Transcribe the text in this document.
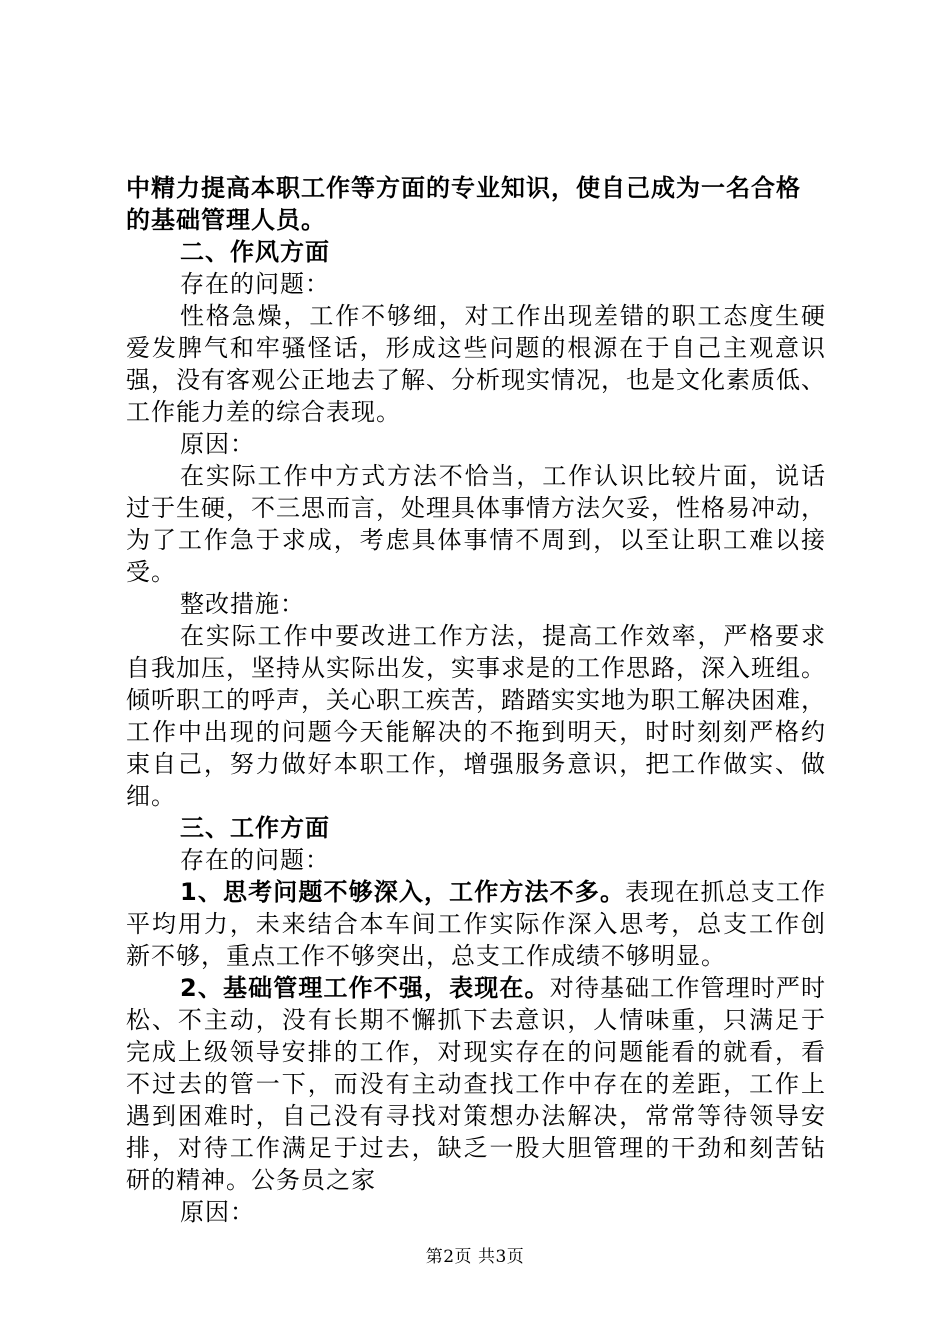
中精力提高本职工作等方面的专业知识，使自己成为一名合格
的基础管理人员。
二、作风方面
存在的问题：
性格急燥，工作不够细，对工作出现差错的职工态度生硬
爱发脾气和牢骚怪话，形成这些问题的根源在于自己主观意识
强，没有客观公正地去了解、分析现实情况，也是文化素质低、
工作能力差的综合表现。
原因：
在实际工作中方式方法不恰当，工作认识比较片面，说话
过于生硬，不三思而言，处理具体事情方法欠妥，性格易冲动，
为了工作急于求成，考虑具体事情不周到，以至让职工难以接
受。
整改措施：
在实际工作中要改进工作方法，提高工作效率，严格要求
自我加压，坚持从实际出发，实事求是的工作思路，深入班组。
倾听职工的呼声，关心职工疾苦，踏踏实实地为职工解决困难，
工作中出现的问题今天能解决的不拖到明天，时时刻刻严格约
束自己，努力做好本职工作，增强服务意识，把工作做实、做
细。
三、工作方面
存在的问题：
1、思考问题不够深入，工作方法不多。表现在抓总支工作
平均用力，未来结合本车间工作实际作深入思考，总支工作创
新不够，重点工作不够突出，总支工作成绩不够明显。
2、基础管理工作不强，表现在。对待基础工作管理时严时
松、不主动，没有长期不懈抓下去意识，人情味重，只满足于
完成上级领导安排的工作，对现实存在的问题能看的就看，看
不过去的管一下，而没有主动查找工作中存在的差距，工作上
遇到困难时，自己没有寻找对策想办法解决，常常等待领导安
排，对待工作满足于过去，缺乏一股大胆管理的干劲和刻苦钻
研的精神。公务员之家
原因：
第2页 共3页
